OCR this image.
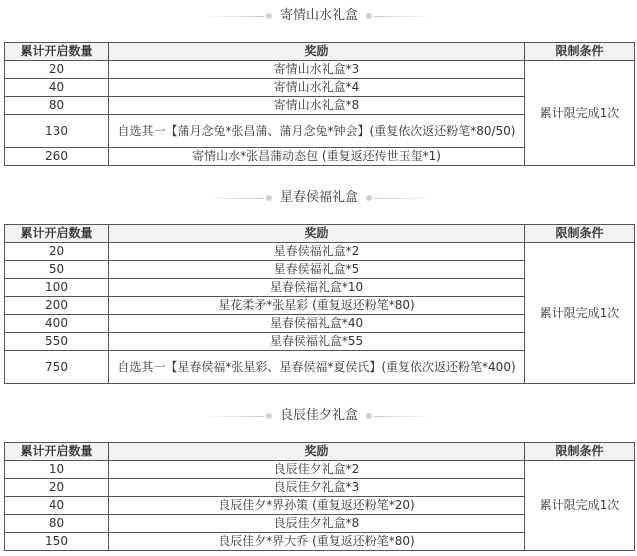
寄情山水礼盒
累计开启数量	奖励	限制条件
20	寄情山水礼盒*3	累计限完成1次
40	寄情山水礼盒*4	
80	寄情山水礼盒*8	
130	自选其一【蒲月念兔*张昌蒲、蒲月念兔*钟会】(重复依次返还粉笔*80/50)	
260	寄情山水*张昌蒲动态包 (重复返还传世玉玺*1)	
星春侯福礼盒
累计开启数量	奖励	限制条件
20	星春侯福礼盒*2	累计限完成1次
50	星春侯福礼盒*5	
100	星春侯福礼盒*10	
200	星花柔矛*张星彩 (重复返还粉笔*80)	
400	星春侯福礼盒*40	
550	星春侯福礼盒*55	
750	自选其一【星春侯福*张星彩、星春侯福*夏侯氏】(重复依次返还粉笔*400)	
良辰佳夕礼盒
累计开启数量	奖励	限制条件
10	良辰佳夕礼盒*2	累计限完成1次
20	良辰佳夕礼盒*3	
40	良辰佳夕*界孙策 (重复返还粉笔*20)	
80	良辰佳夕礼盒*8	
150	良辰佳夕*界大乔 (重复返还粉笔*80)	
